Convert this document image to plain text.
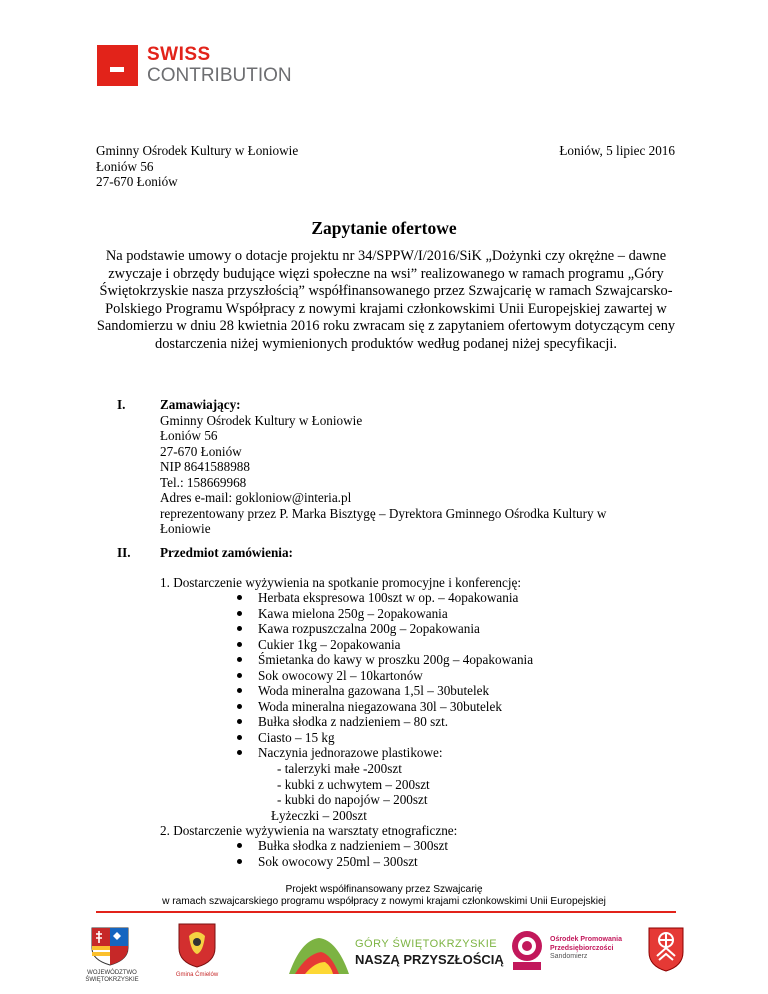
SWISS
CONTRIBUTION
Gminny Ośrodek Kultury w Łoniowie
Łoniów 56
27-670 Łoniów
Łoniów, 5 lipiec 2016
Zapytanie ofertowe
Na podstawie umowy o dotacje projektu nr 34/SPPW/I/2016/SiK „Dożynki czy okrężne – dawne zwyczaje i obrzędy budujące więzi społeczne na wsi” realizowanego w ramach programu „Góry Świętokrzyskie nasza przyszłością” współfinansowanego przez Szwajcarię w ramach Szwajcarsko-Polskiego Programu Współpracy z nowymi krajami członkowskimi Unii Europejskiej zawartej w Sandomierzu w dniu 28 kwietnia 2016 roku zwracam się z zapytaniem ofertowym dotyczącym ceny dostarczenia niżej wymienionych produktów według podanej niżej specyfikacji.
I.	Zamawiający:
Gminny Ośrodek Kultury w Łoniowie
Łoniów 56
27-670 Łoniów
NIP 8641588988
Tel.: 158669968
Adres e-mail: gokloniow@interia.pl
reprezentowany przez P. Marka Bisztygę – Dyrektora Gminnego Ośrodka Kultury w
Łoniowie
II. Przedmiot zamówienia:
1. Dostarczenie wyżywienia na spotkanie promocyjne i konferencję:
Herbata ekspresowa 100szt w op. – 4opakowania
Kawa mielona 250g – 2opakowania
Kawa rozpuszczalna 200g – 2opakowania
Cukier 1kg – 2opakowania
Śmietanka do kawy w proszku 200g – 4opakowania
Sok owocowy 2l – 10kartonów
Woda mineralna gazowana 1,5l – 30butelek
Woda mineralna niegazowana 30l – 30butelek
Bułka słodka z nadzieniem – 80 szt.
Ciasto – 15 kg
Naczynia jednorazowe plastikowe:
- talerzyki małe -200szt
- kubki z uchwytem – 200szt
- kubki do napojów – 200szt
Łyżeczki – 200szt
2. Dostarczenie wyżywienia na warsztaty etnograficzne:
Bułka słodka z nadzieniem – 300szt
Sok owocowy 250ml – 300szt
Projekt współfinansowany przez Szwajcarię
w ramach szwajcarskiego programu współpracy z nowymi krajami członkowskimi Unii Europejskiej
WOJEWÓDZTWO
ŚWIĘTOKRZYSKIE
Gmina Ćmielów
GÓRY ŚWIĘTOKRZYSKIE
NASZĄ PRZYSZŁOŚCIĄ
Ośrodek Promowania
Przedsiębiorczości
Sandomierz
